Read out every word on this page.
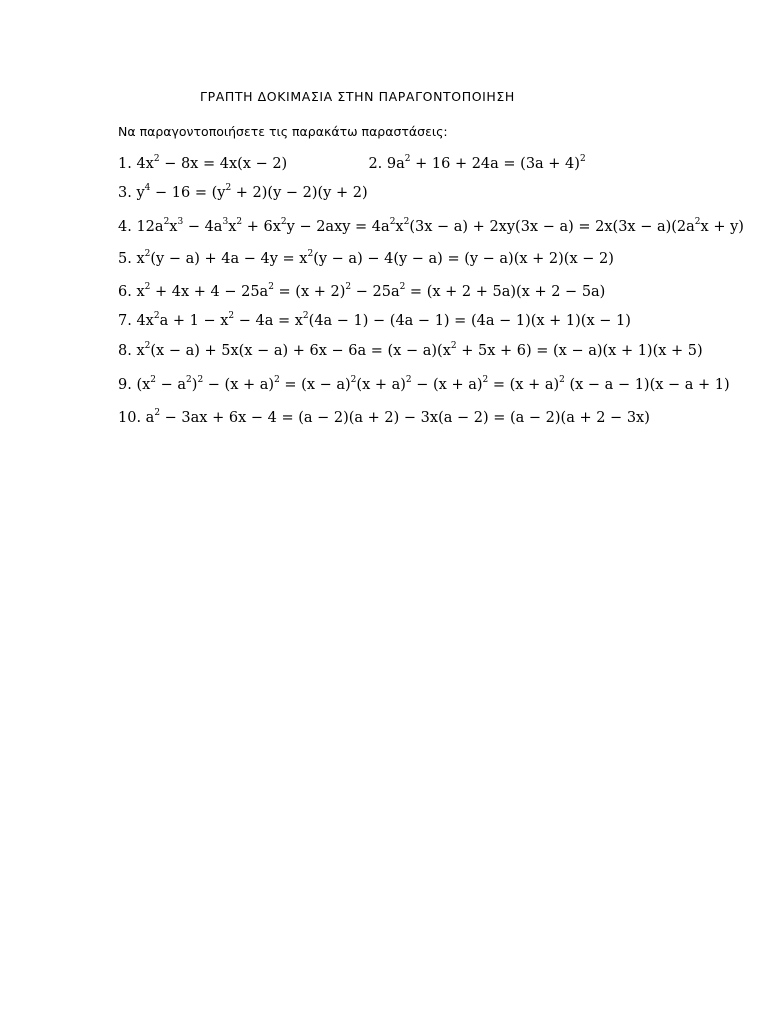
ΓΡΑΠΤΗ ΔΟΚΙΜΑΣΙΑ ΣΤΗΝ ΠΑΡΑΓΟΝΤΟΠΟΙΗΣΗ
Να παραγοντοποιήσετε τις παρακάτω παραστάσεις:
1. $4x^2 - 8x = 4x(x - 2)$	2. $9a^2 + 16 + 24a = (3a + 4)^2$
3. $y^4 - 16 = (y^2 + 2)(y - 2)(y + 2)$
4. $12a^2x^3 - 4a^3x^2 + 6x^2y - 2axy = 4a^2x^2(3x - a) + 2xy(3x - a) = 2x(3x - a)(2a^2x + y)$
5. $x^2(y - a) + 4a - 4y = x^2(y - a) - 4(y - a) = (y - a)(x + 2)(x - 2)$
6. $x^2 + 4x + 4 - 25a^2 = (x + 2)^2 - 25a^2 = (x + 2 + 5a)(x + 2 - 5a)$
7. $4x^2a + 1 - x^2 - 4a = x^2(4a - 1) - (4a - 1) = (4a - 1)(x + 1)(x - 1)$
8. $x^2(x - a) + 5x(x - a) + 6x - 6a = (x - a)(x^2 + 5x + 6) = (x - a)(x + 1)(x + 5)$
9. $(x^2 - a^2)^2 - (x + a)^2 = (x - a)^2(x + a)^2 - (x + a)^2 = (x + a)^2$ (x − a − 1)(x − a + 1)
10. $a^2 - 3ax + 6x - 4 = (a - 2)(a + 2) - 3x(a - 2) = (a - 2)(a + 2 - 3x)$
